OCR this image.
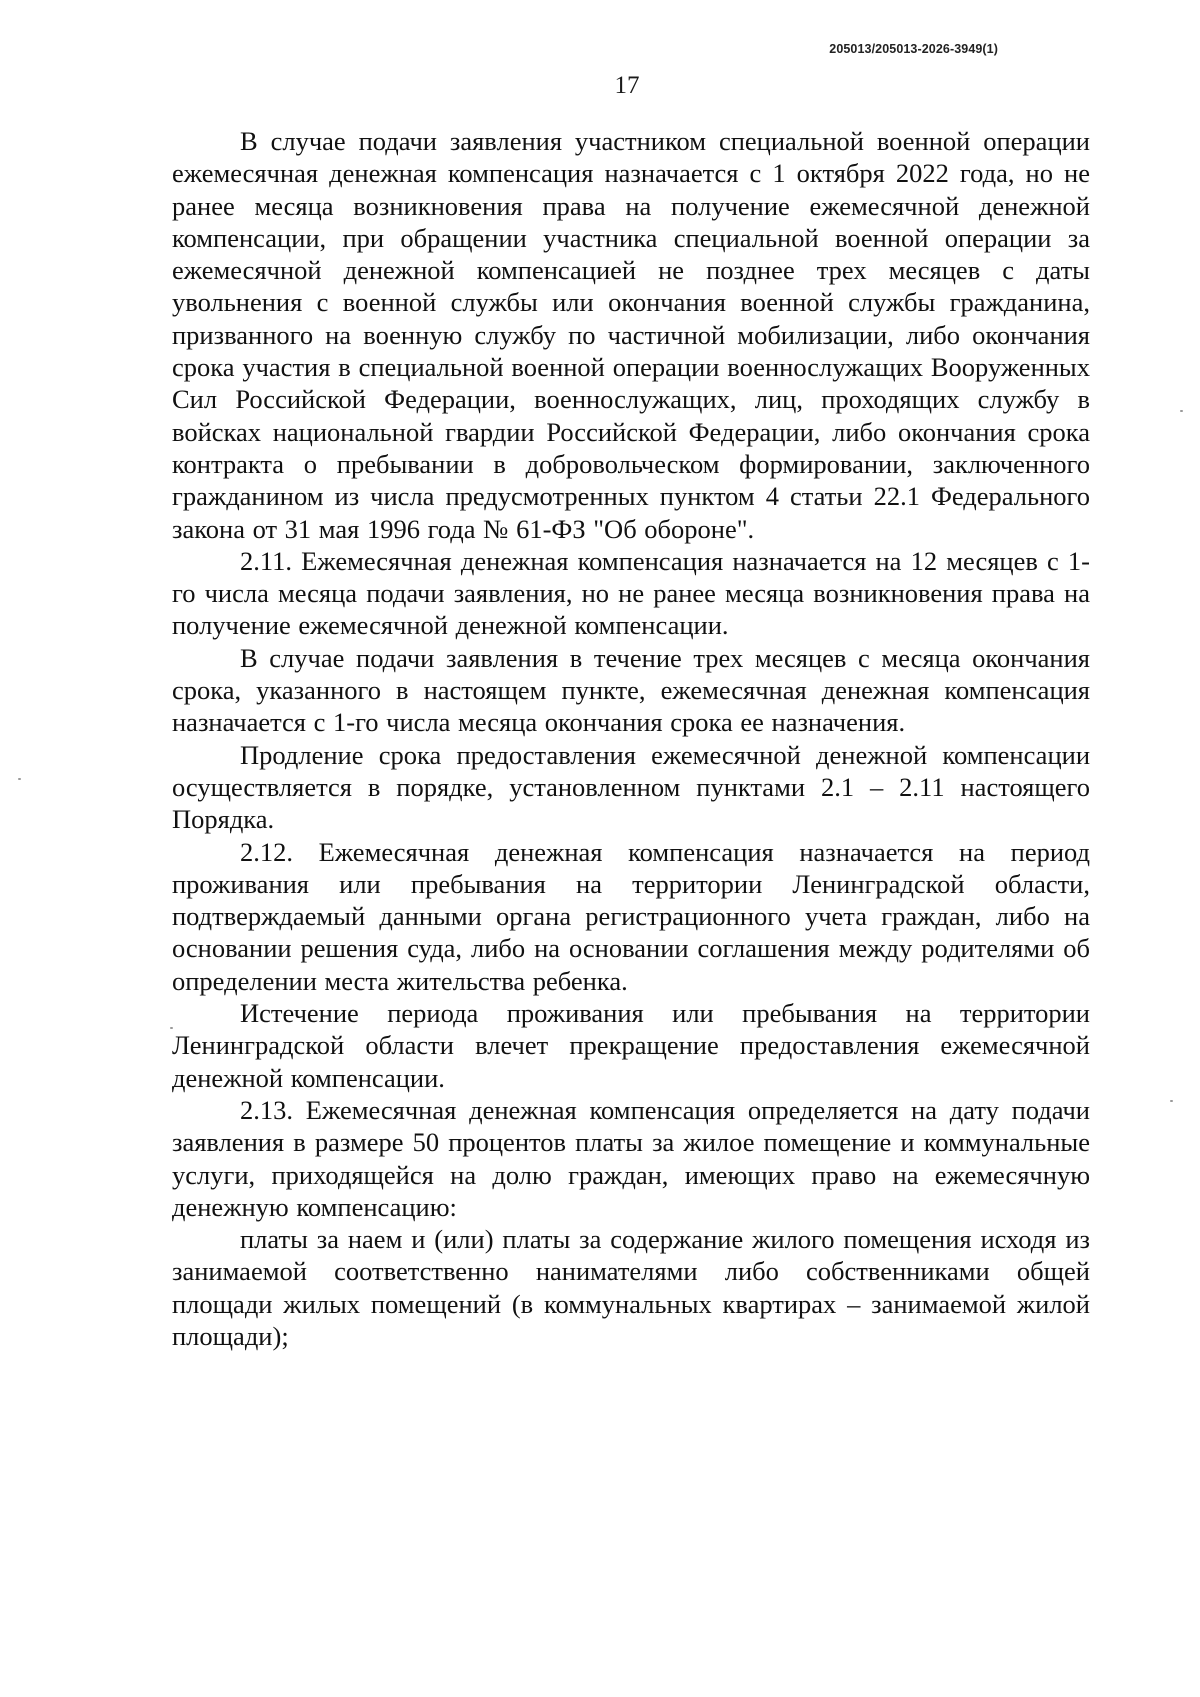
205013/205013-2026-3949(1)
17

В случае подачи заявления участником специальной военной операции ежемесячная денежная компенсация назначается с 1 октября 2022 года, но не ранее месяца возникновения права на получение ежемесячной денежной компенсации, при обращении участника специальной военной операции за ежемесячной денежной компенсацией не позднее трех месяцев с даты увольнения с военной службы или окончания военной службы гражданина, призванного на военную службу по частичной мобилизации, либо окончания срока участия в специальной военной операции военнослужащих Вооруженных Сил Российской Федерации, военнослужащих, лиц, проходящих службу в войсках национальной гвардии Российской Федерации, либо окончания срока контракта о пребывании в добровольческом формировании, заключенного гражданином из числа предусмотренных пунктом 4 статьи 22.1 Федерального закона от 31 мая 1996 года № 61-ФЗ "Об обороне".

2.11. Ежемесячная денежная компенсация назначается на 12 месяцев с 1-го числа месяца подачи заявления, но не ранее месяца возникновения права на получение ежемесячной денежной компенсации.

В случае подачи заявления в течение трех месяцев с месяца окончания срока, указанного в настоящем пункте, ежемесячная денежная компенсация назначается с 1-го числа месяца окончания срока ее назначения.

Продление срока предоставления ежемесячной денежной компенсации осуществляется в порядке, установленном пунктами 2.1 – 2.11 настоящего Порядка.

2.12. Ежемесячная денежная компенсация назначается на период проживания или пребывания на территории Ленинградской области, подтверждаемый данными органа регистрационного учета граждан, либо на основании решения суда, либо на основании соглашения между родителями об определении места жительства ребенка.

Истечение периода проживания или пребывания на территории Ленинградской области влечет прекращение предоставления ежемесячной денежной компенсации.

2.13. Ежемесячная денежная компенсация определяется на дату подачи заявления в размере 50 процентов платы за жилое помещение и коммунальные услуги, приходящейся на долю граждан, имеющих право на ежемесячную денежную компенсацию:

платы за наем и (или) платы за содержание жилого помещения исходя из занимаемой соответственно нанимателями либо собственниками общей площади жилых помещений (в коммунальных квартирах – занимаемой жилой площади);
